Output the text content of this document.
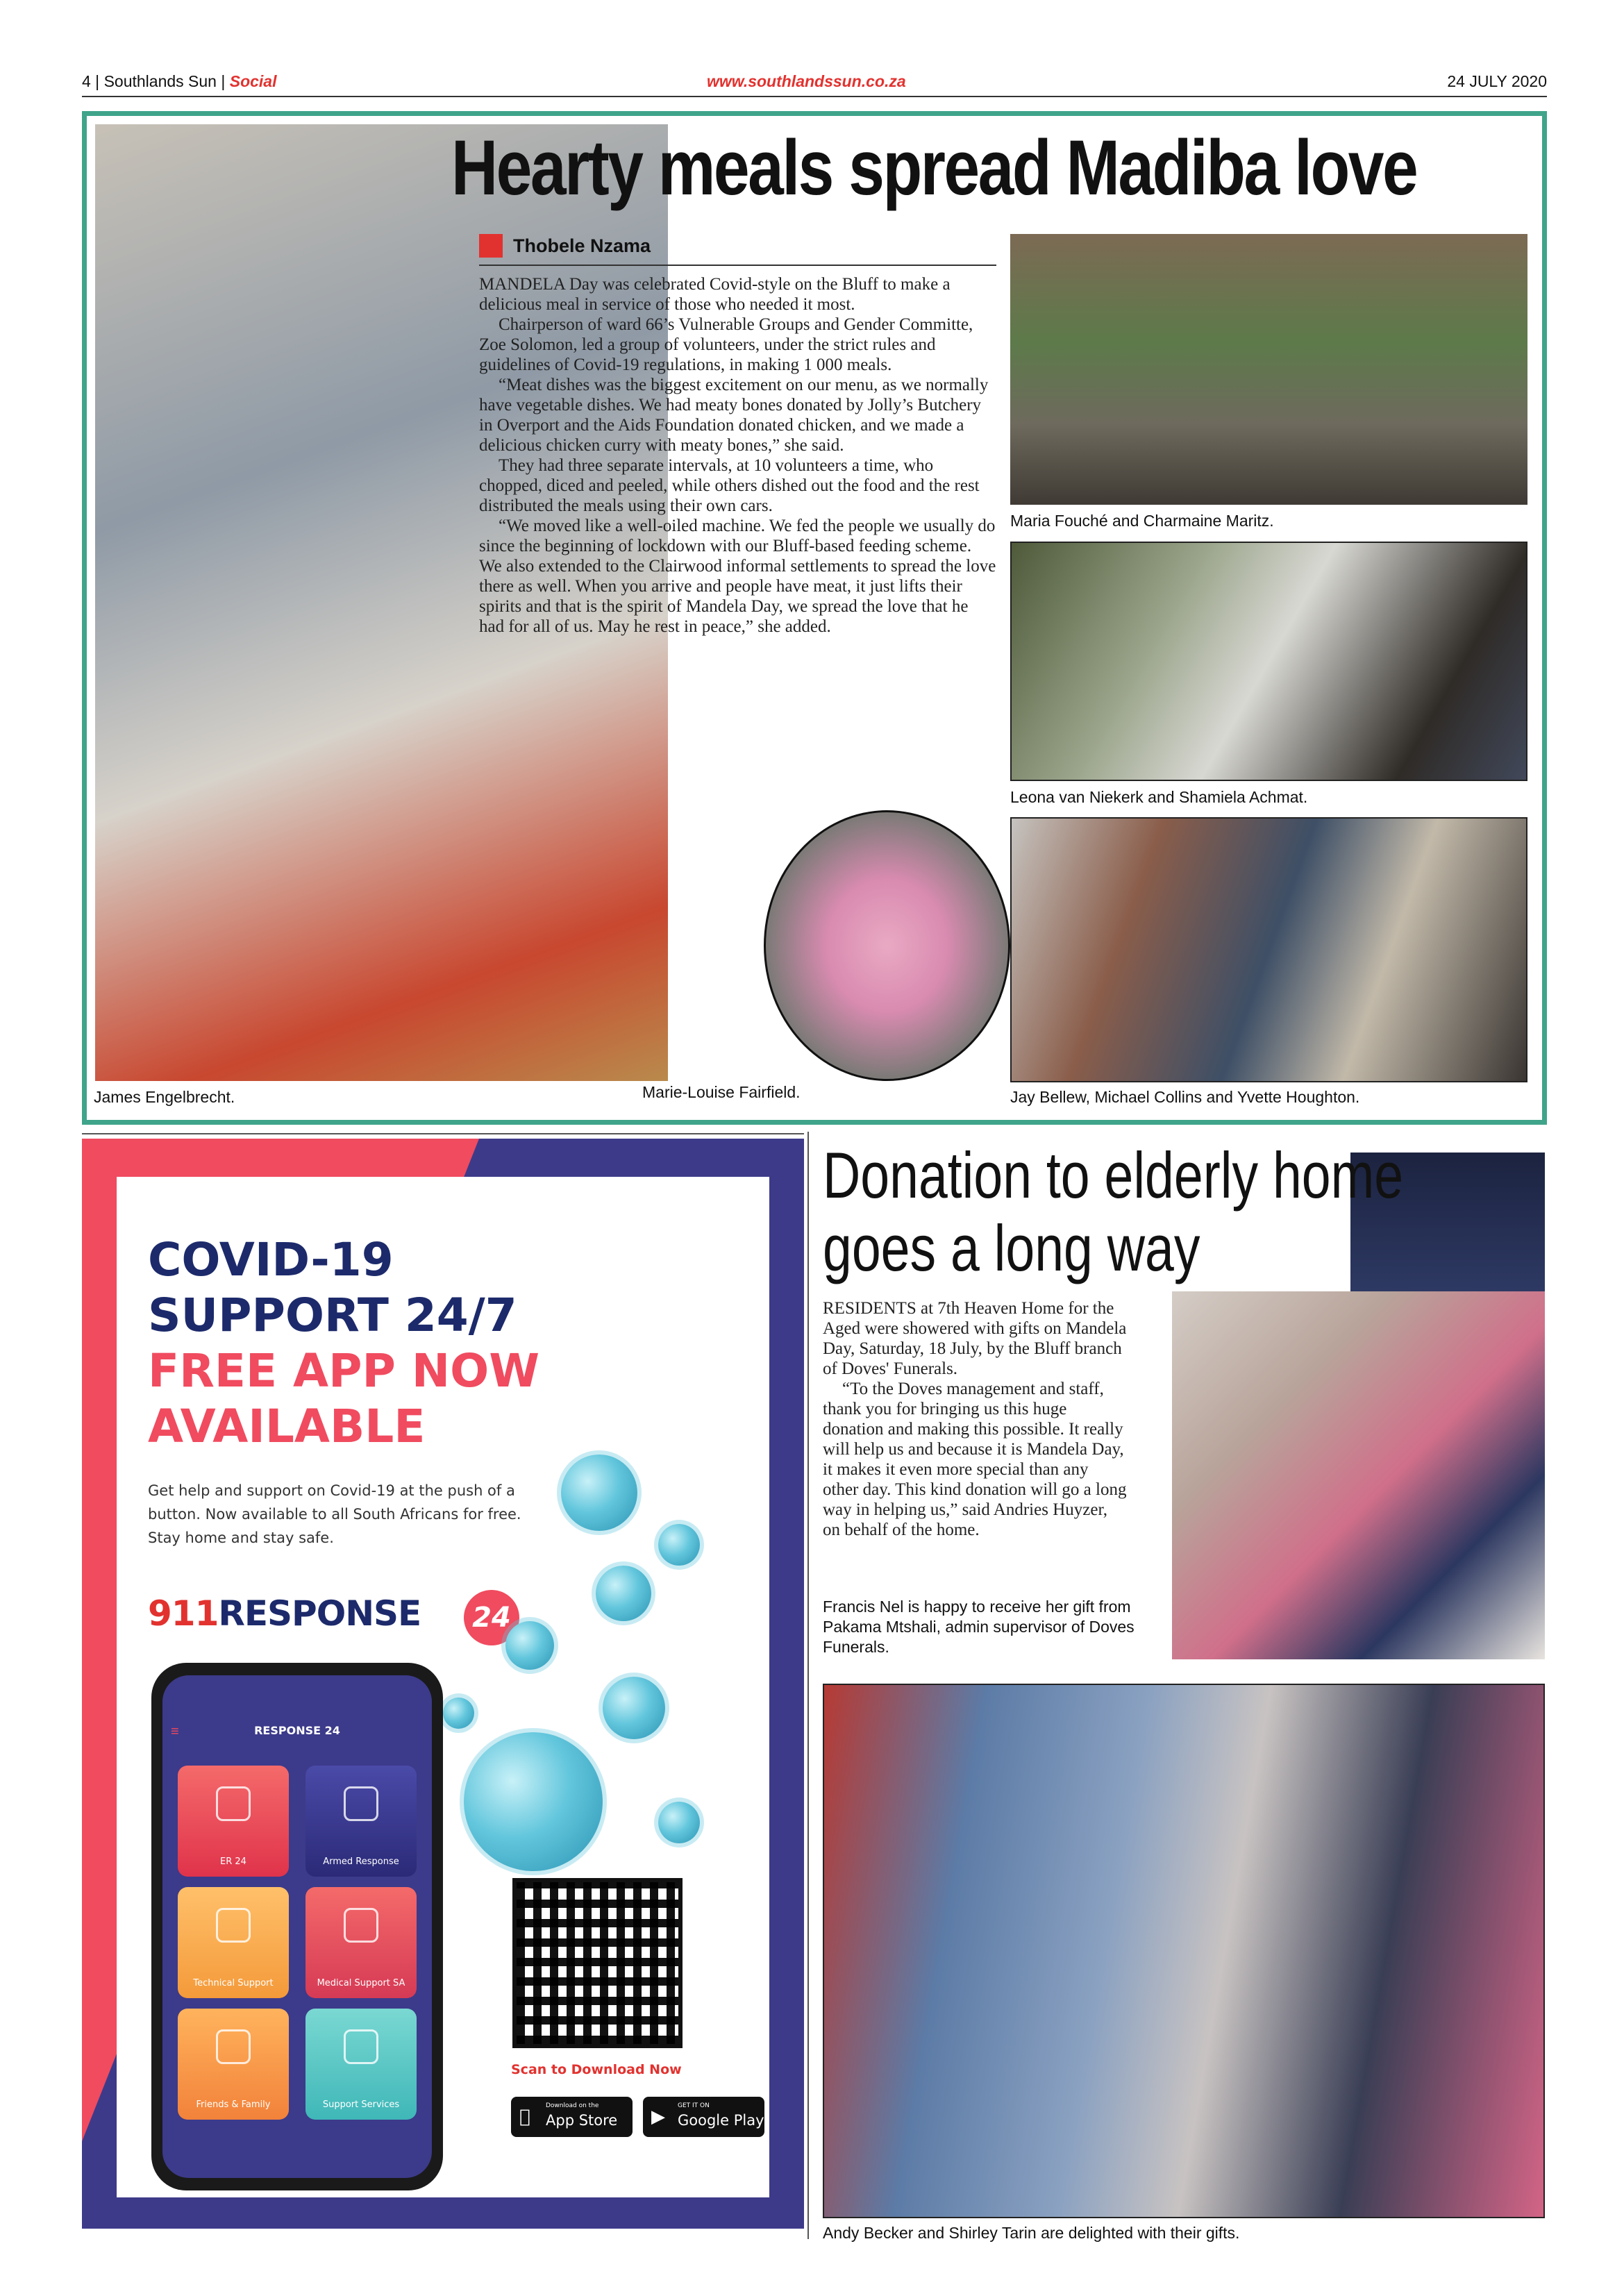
4 | Southlands Sun | Social	www.southlandssun.co.za	24 JULY 2020
Hearty meals spread Madiba love
Thobele Nzama

MANDELA Day was celebrated Covid-style on the Bluff to make a delicious meal in service of those who needed it most.

Chairperson of ward 66’s Vulnerable Groups and Gender Committe, Zoe Solomon, led a group of volunteers, under the strict rules and guidelines of Covid-19 regulations, in making 1 000 meals.

“Meat dishes was the biggest excitement on our menu, as we normally have vegetable dishes. We had meaty bones donated by Jolly’s Butchery in Overport and the Aids Foundation donated chicken, and we made a delicious chicken curry with meaty bones,” she said.

They had three separate intervals, at 10 volunteers a time, who chopped, diced and peeled, while others dished out the food and the rest distributed the meals using their own cars.

“We moved like a well-oiled machine. We fed the people we usually do since the beginning of lockdown with our Bluff-based feeding scheme. We also extended to the Clairwood informal settlements to spread the love there as well. When you arrive and people have meat, it just lifts their spirits and that is the spirit of Mandela Day, we spread the love that he had for all of us. May he rest in peace,” she added.

Maria Fouché and Charmaine Maritz.
Leona van Niekerk and Shamiela Achmat.
Jay Bellew, Michael Collins and Yvette Houghton.
Marie-Louise Fairfield.
James Engelbrecht.
COVID-19
SUPPORT 24/7
FREE APP NOW
AVAILABLE
Get help and support on Covid-19 at the push of a button. Now available to all South Africans for free. Stay home and stay safe.
911RESPONSE	24
≡	RESPONSE 24
ER 24	Armed Response
Technical Support	Medical Support SA
Friends & Family	Support Services
Scan to Download Now
Download on the
App Store ▶
GET IT ON
Google Play
Donation to elderly home
goes a long way

RESIDENTS at 7th Heaven Home for the Aged were showered with gifts on Mandela Day, Saturday, 18 July, by the Bluff branch of Doves' Funerals.

“To the Doves management and staff, thank you for bringing us this huge donation and making this possible. It really will help us and because it is Mandela Day, it makes it even more special than any other day. This kind donation will go a long way in helping us,” said Andries Huyzer, on behalf of the home.

Francis Nel is happy to receive her gift from Pakama Mtshali, admin supervisor of Doves Funerals.
Andy Becker and Shirley Tarin are delighted with their gifts.
